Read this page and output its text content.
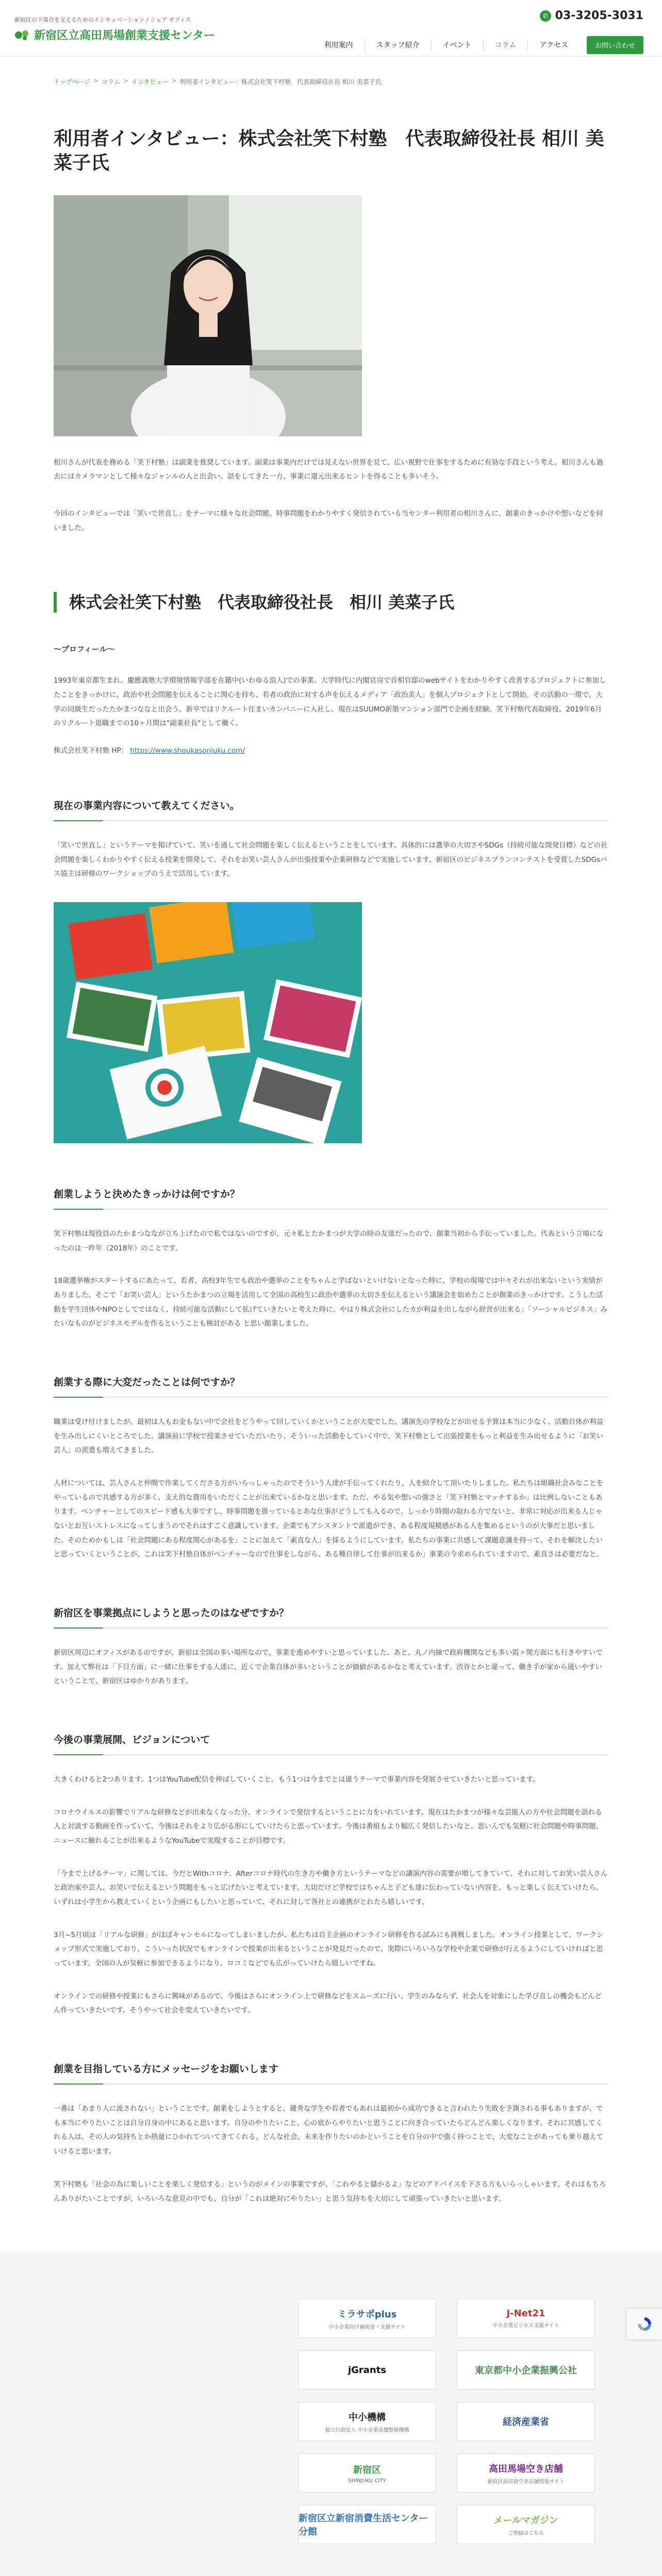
新宿区の下落合を支えるためのインキュベーション / シェア オフィス
新宿区立高田馬場創業支援センター
✆ 03-3205-3031
利用案内	スタッフ紹介	イベント	コラム	アクセス	お問い合わせ
トップページ > コラム > インタビュー > 利用者インタビュー：株式会社笑下村塾　代表取締役社長 相川 美菜子氏
利用者インタビュー：株式会社笑下村塾　代表取締役社長 相川 美菜子氏

相川さんが代表を務める「笑下村塾」は副業を推奨しています。副業は事業内だけでは見えない世界を見て、広い視野で仕事をするために有効な手段という考え。相川さんも過去にはカメラマンとして様々なジャンルの人と出会い、話をしてきた一方、事業に還元出来るヒントを得ることも多いそう。

今回のインタビューでは「笑いで世直し」をテーマに様々な社会問題、時事問題をわかりやすく発信されている当センター利用者の相川さんに、創業のきっかけや想いなどを伺いました。

株式会社笑下村塾　代表取締役社長　相川 美菜子氏
〜プロフィール〜

1993年東京都生まれ。慶應義塾大学環境情報学部を在籍中(いわゆる浪人)での事業。大学時代に内閣官房で首相官邸のwebサイトをわかりやすく改善するプロジェクトに参加したことをきっかけに、政治や社会問題を伝えることに関心を持ち、若者の政治に対する声を伝えるメディア「政治美人」を個人プロジェクトとして開始。その活動の一環で、大学の同級生だったたかまつななと出会う。新卒ではリクルート住まいカンパニーに入社し、現在はSUUMO新築マンション部門で企画を経験。笑下村塾代表取締役。2019年6月のリクルート退職までの10ヶ月間は"副業社長"として働く。

株式会社笑下村塾 HP： https://www.shoukasonjuku.com/

現在の事業内容について教えてください。

「笑いで世直し」というテーマを掲げていて、笑いを通して社会問題を楽しく伝えるということをしています。具体的には選挙の大切さやSDGs（持続可能な開発目標）などの社会問題を楽しくわかりやすく伝える授業を開発して、それをお笑い芸人さんが出張授業や企業研修などで実施しています。新宿区のビジネスプランコンテストを受賞したSDGsバス協主は研修のワークショップのうえで活用しています。

創業しようと決めたきっかけは何ですか？

笑下村塾は現役員のたかまつななが立ち上げたので私ではないのですが、元々私とたかまつが大学の時の友達だったので、創業当初から手伝っていました。代表という立場になったのは一昨年（2018年）のことです。

18歳選挙権がスタートするにあたって、若者、高校3年生でも政治や選挙のことをちゃんと学ばないといけないとなった時に、学校の現場では中々それが出来ないという実情がありました。そこで「お笑い芸人」というたかまつの立場を活用して全国の高校生に政治や選挙の大切さを伝えるという講演会を始めたことが創業のきっかけです。こうした活動を学生団体やNPOとしてではなく、持続可能な活動にして拡げていきたいと考えた時に、やはり株式会社にしたカが利益を出しながら経営が出来る」「ソーシャルビジネス」みたいなものがビジネスモデルを作るということも検討がある と思い創業しました。

創業する際に大変だったことは何ですか？

職業は受け付けましたが、最初は人もお金もない中で会社をどうやって回していくかということが大変でした。講演先の学校などが出せる予算は本当に少なく、活動自体が利益を生み出しにくいところでした。講演前に学校で授業させていただいたり、そういった活動をしていく中で、笑下村塾として出張授業をもっと利益を生み出せるように「お笑い芸人」の派遣も増えてきました。

人材については、芸人さんと仲間で作業してくださる方がいらっしゃったのでそういう人達が手伝ってくれたり、人を紹介して頂いたりしました。私たちは組織社会みなことをやっているので共感する方が多く、支え的な費用をいただくことが出来ているかなと思います。ただ、やる気や想いの強さと「笑下村塾とマッチするか」は比例しないこともあります。ベンチャーとしてのスピード感も大事ですし、時事問題を扱っているとあな仕事がどうしても入るので、しっかり時間の取れる方でないと、非常に対応が出来る人じゃないとお互いストレスになってしまうのでそれはすごく意識しています。企業でもアシスタントで派遣ができ、ある程度規模感がある人を集めるというのが大事だと思いました。そのためかもしは「社会問題にある程度関心があるを」ことに加えて「素直な人」を採るようにしています。私たちの事業に共感して課題意識を持って、それを解決したいと思っていくということが、これは笑下村塾自体がベンチャーなので仕事をしながら、ある種自律して仕事が出来るか」事業の今求められていますので、素直さは必要だなと。

新宿区を事業拠点にしようと思ったのはなぜですか？

新宿区周辺にオフィスがあるのですが、新宿は全国の多い場所なので、事業を進めやすいと思っていました。あと、丸ノ内線で政府機関なども多い霞ヶ関方面にも行きやすいです。加えて弊社は「下目方面」に一緒に仕事をする人達に、近くで企業自体が多いということが価値があるかなと考えています。渋谷とかと違って、働き手が家から通いやすいということで、新宿区はゆかりがあります。

今後の事業展開、ビジョンについて

大きくわけると2つあります。1つはYouTube配信を伸ばしていくこと。もう1つは今までとは違うテーマで事業内容を発展させていきたいと思っています。

コロナウイルスの影響でリアルな研修などが出来なくなった分、オンラインで発信するということに力をいれています。現在はたかまつが様々な芸能人の方や社会問題を語れる人と対談する動画を作っていて、今後はそれをより広がる形にしていけたらと思っています。今後は番組もより幅広く発信したいなと。思いんでも気軽に社会問題や時事問題、ニュースに触れることが出来るようなYouTubeで実現することが目標です。

「今まで上げるテーマ」に関しては、今だとWithコロナ、Afterコロナ時代の生き方や働き方というテーマなどの講演内容の需要が増してきていて、それに対してお笑い芸人さんと政治家や芸人、お笑いで伝えるという問題をもっと広げたいと考えています。大切だけど学校ではちゃんと子ども達に伝わっていない内容を、もっと楽しく伝えていけたら。いずれは小学生から教えていくという企画にもしたいと思っていて、それに対して各社との連携がとれたら嬉しいです。

3月~5月頃は「リアルな研修」がほぼキャンセルになってしまいましたが、私たちは自主企画のオンライン研修を作る試みにも挑戦しました。オンライン授業として、ワークショップ形式で実施しており、こういった状況でもオンラインで授業が出来るということが発見だったので、実際にいろいろな学校や企業で研修が行えるようにしていければと思っています。全国の人が気軽に参加できるようになり、ロコミなどでも広がっていけたら嬉しいですね。

オンラインでの研修や授業にもさらに興味があるので、今後はさらにオンライン上で研修などをスムーズに行い、学生のみならず、社会人を対象にした学び直しの機会もどんどん作っていきたいです。そうやって社会を変えていきたいです。

創業を目指している方にメッセージをお願いします

一番は「あまり人に流されない」ということです。創業をしようとすると、優秀な学生や若者でもあれは最初から成功できると言われたり失敗を予測される事もありますが、でも本当にやりたいことは自分自身の中にあると思います。自分のやりたいこと、心の底からやりたいと思うことに向き合っていたらどんどん楽しくなります。それに共感してくれる人は、その人の気持ちとか熱量にひかれてついてきてくれる、どんな社会、未来を作りたいのかということを自分の中で強く持つことで、大変なことがあっても乗り越えていけると思います。

笑下村塾も「社会の為に楽しいことを楽しく発信する」というのがメインの事業ですが、「これやると儲かるよ」などのアドバイスを下さる方もいらっしゃいます。それはもちろんありがたいことですが、いろいろな意見の中でも、自分が「これは絶対にやりたい」と思う気持ちを大切にして頑張っていきたいと思います。

ミラサポplus
中小企業向け補助金・支援サイト
J-Net21
中小企業ビジネス支援サイト
jGrants	東京都中小企業振興公社
中小機構
独立行政法人 中小企業基盤整備機構
経済産業省
新宿区
SHINJUKU CITY
高田馬場空き店舗
新宿区商店街空き店舗情報サイト
新宿区立新宿消費生活センター分館
メールマガジン
ご登録はこちら
